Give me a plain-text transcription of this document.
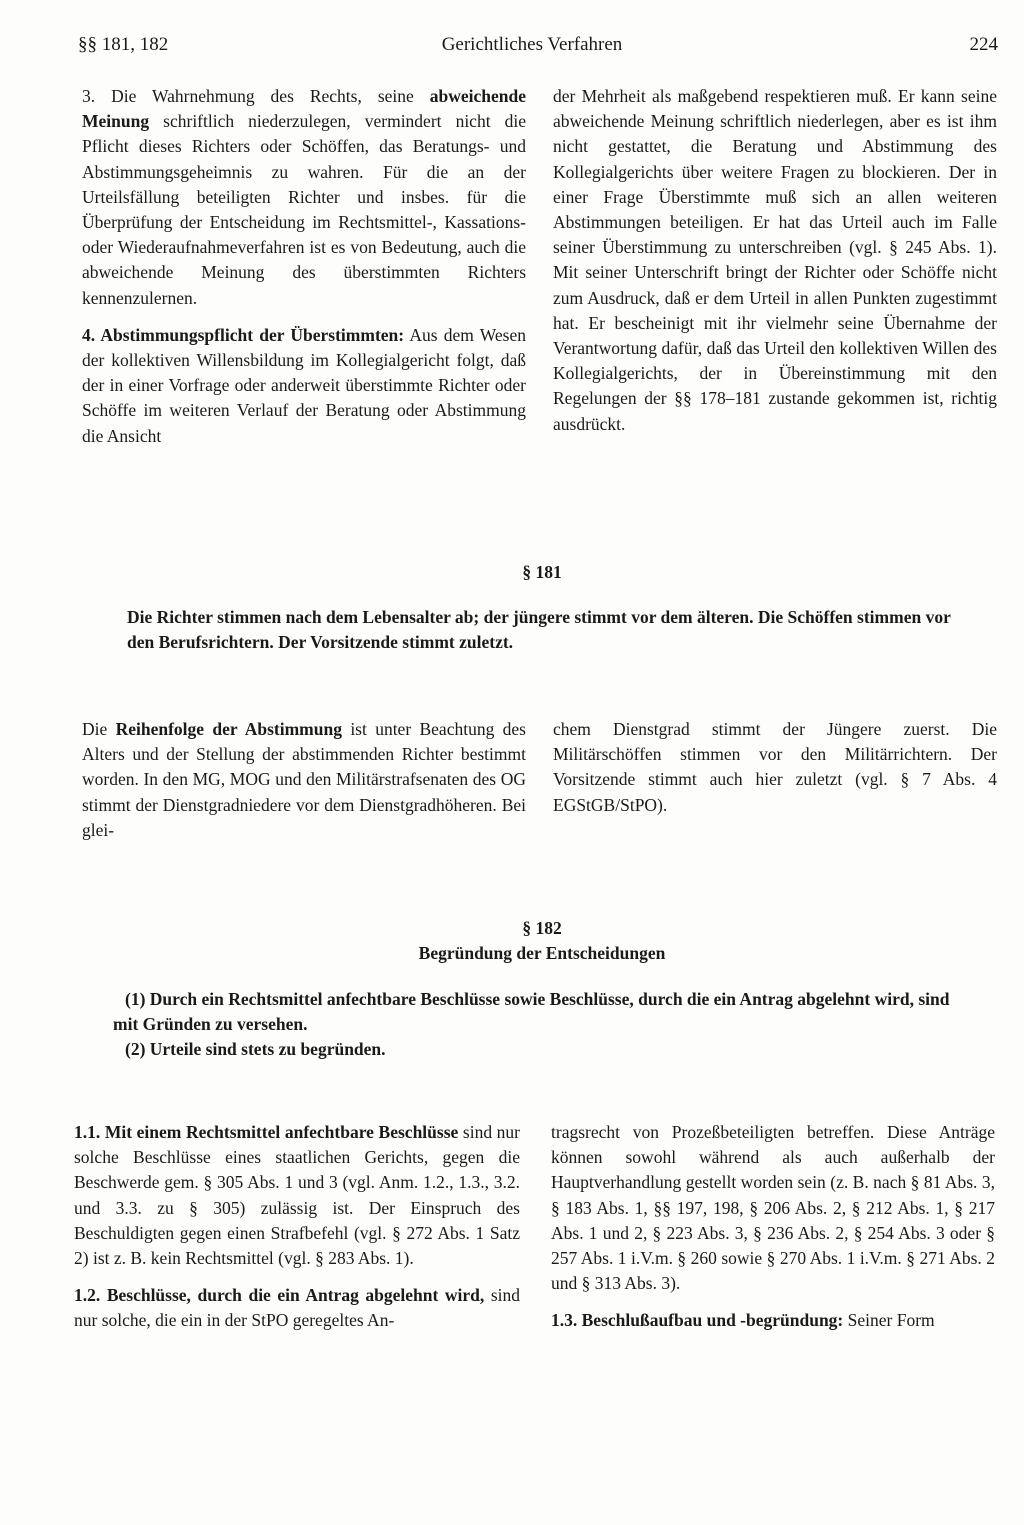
§§ 181, 182	Gerichtliches Verfahren	224

3. Die Wahrnehmung des Rechts, seine abweichende Meinung schriftlich niederzulegen, vermindert nicht die Pflicht dieses Richters oder Schöffen, das Beratungs- und Abstimmungsgeheimnis zu wahren. Für die an der Urteilsfällung beteiligten Richter und insbes. für die Überprüfung der Entscheidung im Rechtsmittel-, Kassations- oder Wiederaufnahmeverfahren ist es von Bedeutung, auch die abweichende Meinung des überstimmten Richters kennenzulernen.

4. Abstimmungspflicht der Überstimmten: Aus dem Wesen der kollektiven Willensbildung im Kollegialgericht folgt, daß der in einer Vorfrage oder anderweit überstimmte Richter oder Schöffe im weiteren Verlauf der Beratung oder Abstimmung die Ansicht

der Mehrheit als maßgebend respektieren muß. Er kann seine abweichende Meinung schriftlich niederlegen, aber es ist ihm nicht gestattet, die Beratung und Abstimmung des Kollegialgerichts über weitere Fragen zu blockieren. Der in einer Frage Überstimmte muß sich an allen weiteren Abstimmungen beteiligen. Er hat das Urteil auch im Falle seiner Überstimmung zu unterschreiben (vgl. § 245 Abs. 1). Mit seiner Unterschrift bringt der Richter oder Schöffe nicht zum Ausdruck, daß er dem Urteil in allen Punkten zugestimmt hat. Er bescheinigt mit ihr vielmehr seine Übernahme der Verantwortung dafür, daß das Urteil den kollektiven Willen des Kollegialgerichts, der in Übereinstimmung mit den Regelungen der §§ 178–181 zustande gekommen ist, richtig ausdrückt.

§ 181

Die Richter stimmen nach dem Lebensalter ab; der jüngere stimmt vor dem älteren. Die Schöffen stimmen vor den Berufsrichtern. Der Vorsitzende stimmt zuletzt.

Die Reihenfolge der Abstimmung ist unter Beachtung des Alters und der Stellung der abstimmenden Richter bestimmt worden. In den MG, MOG und den Militärstrafsenaten des OG stimmt der Dienstgradniedere vor dem Dienstgradhöheren. Bei glei-

chem Dienstgrad stimmt der Jüngere zuerst. Die Militärschöffen stimmen vor den Militärrichtern. Der Vorsitzende stimmt auch hier zuletzt (vgl. § 7 Abs. 4 EGStGB/StPO).

§ 182
Begründung der Entscheidungen

(1) Durch ein Rechtsmittel anfechtbare Beschlüsse sowie Beschlüsse, durch die ein Antrag abgelehnt wird, sind mit Gründen zu versehen.

(2) Urteile sind stets zu begründen.

1.1. Mit einem Rechtsmittel anfechtbare Beschlüsse sind nur solche Beschlüsse eines staatlichen Gerichts, gegen die Beschwerde gem. § 305 Abs. 1 und 3 (vgl. Anm. 1.2., 1.3., 3.2. und 3.3. zu § 305) zulässig ist. Der Einspruch des Beschuldigten gegen einen Strafbefehl (vgl. § 272 Abs. 1 Satz 2) ist z. B. kein Rechtsmittel (vgl. § 283 Abs. 1).

1.2. Beschlüsse, durch die ein Antrag abgelehnt wird, sind nur solche, die ein in der StPO geregeltes An-

tragsrecht von Prozeßbeteiligten betreffen. Diese Anträge können sowohl während als auch außerhalb der Hauptverhandlung gestellt worden sein (z. B. nach § 81 Abs. 3, § 183 Abs. 1, §§ 197, 198, § 206 Abs. 2, § 212 Abs. 1, § 217 Abs. 1 und 2, § 223 Abs. 3, § 236 Abs. 2, § 254 Abs. 3 oder § 257 Abs. 1 i.V.m. § 260 sowie § 270 Abs. 1 i.V.m. § 271 Abs. 2 und § 313 Abs. 3).

1.3. Beschlußaufbau und -begründung: Seiner Form
